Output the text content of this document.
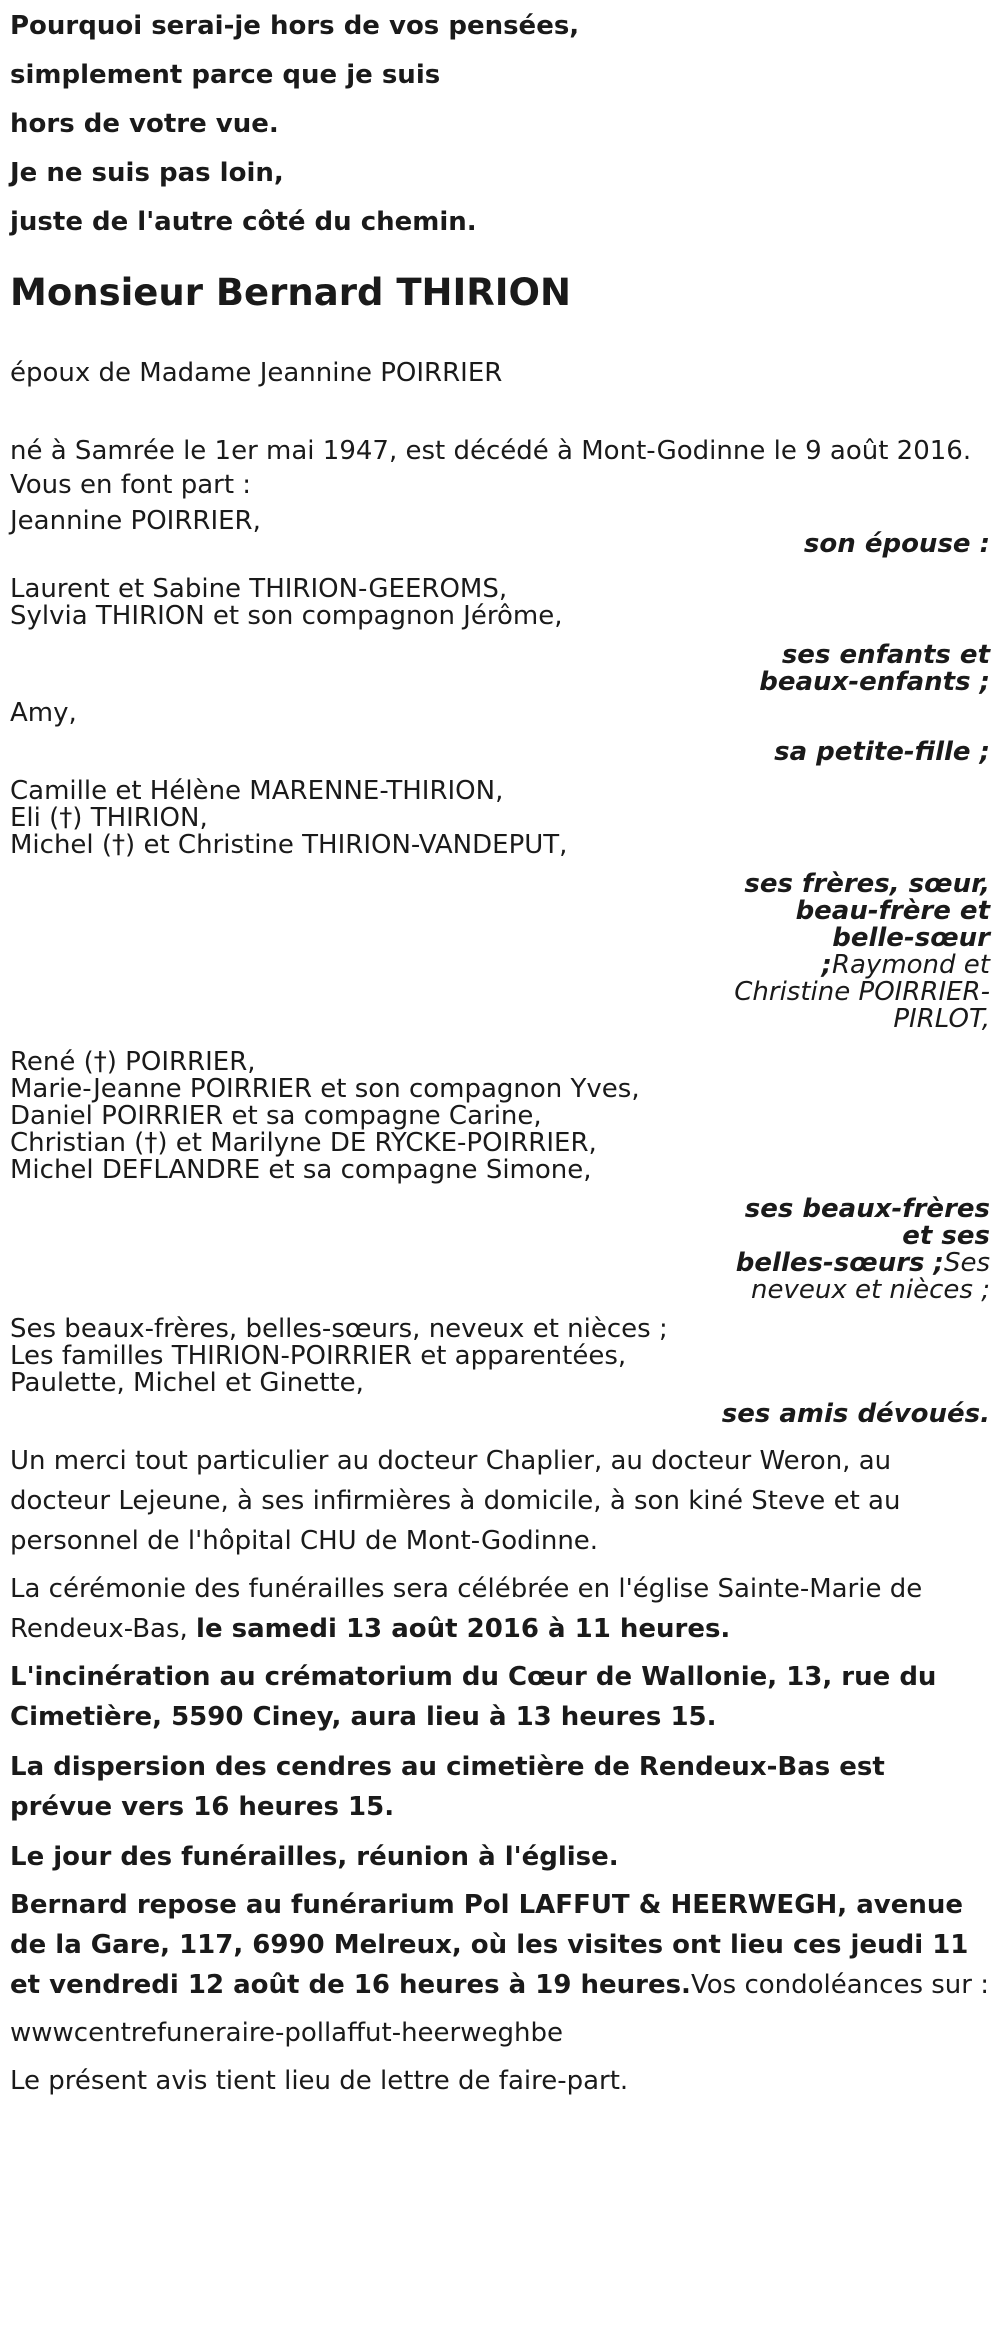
Pourquoi serai-je hors de vos pensées,
simplement parce que je suis
hors de votre vue.
Je ne suis pas loin,
juste de l'autre côté du chemin.
Monsieur Bernard THIRION
époux de Madame Jeannine POIRRIER
né à Samrée le 1er mai 1947, est décédé à Mont-Godinne le 9 août 2016.
Vous en font part :
Jeannine POIRRIER,
son épouse :
Laurent et Sabine THIRION-GEEROMS,
Sylvia THIRION et son compagnon Jérôme,
ses enfants et
beaux-enfants ;
Amy,
sa petite-fille ;
Camille et Hélène MARENNE-THIRION,
Eli (†) THIRION,
Michel (†) et Christine THIRION-VANDEPUT,
ses frères, sœur,
beau-frère et
belle-sœur
;Raymond et
Christine POIRRIER-
PIRLOT,
René (†) POIRRIER,
Marie-Jeanne POIRRIER et son compagnon Yves,
Daniel POIRRIER et sa compagne Carine,
Christian (†) et Marilyne DE RYCKE-POIRRIER,
Michel DEFLANDRE et sa compagne Simone,
ses beaux-frères
et ses
belles-sœurs ;Ses
neveux et nièces ;
Ses beaux-frères, belles-sœurs, neveux et nièces ;
Les familles THIRION-POIRRIER et apparentées,
Paulette, Michel et Ginette,
ses amis dévoués.
Un merci tout particulier au docteur Chaplier, au docteur Weron, au docteur Lejeune, à ses infirmières à domicile, à son kiné Steve et au personnel de l'hôpital CHU de Mont-Godinne.
La cérémonie des funérailles sera célébrée en l'église Sainte-Marie de Rendeux-Bas, le samedi 13 août 2016 à 11 heures.
L'incinération au crématorium du Cœur de Wallonie, 13, rue du Cimetière, 5590 Ciney, aura lieu à 13 heures 15.
La dispersion des cendres au cimetière de Rendeux-Bas est prévue vers 16 heures 15.
Le jour des funérailles, réunion à l'église.
Bernard repose au funérarium Pol LAFFUT & HEERWEGH, avenue de la Gare, 117, 6990 Melreux, où les visites ont lieu ces jeudi 11 et vendredi 12 août de 16 heures à 19 heures.Vos condoléances sur :
wwwcentrefuneraire-pollaffut-heerweghbe
Le présent avis tient lieu de lettre de faire-part.
